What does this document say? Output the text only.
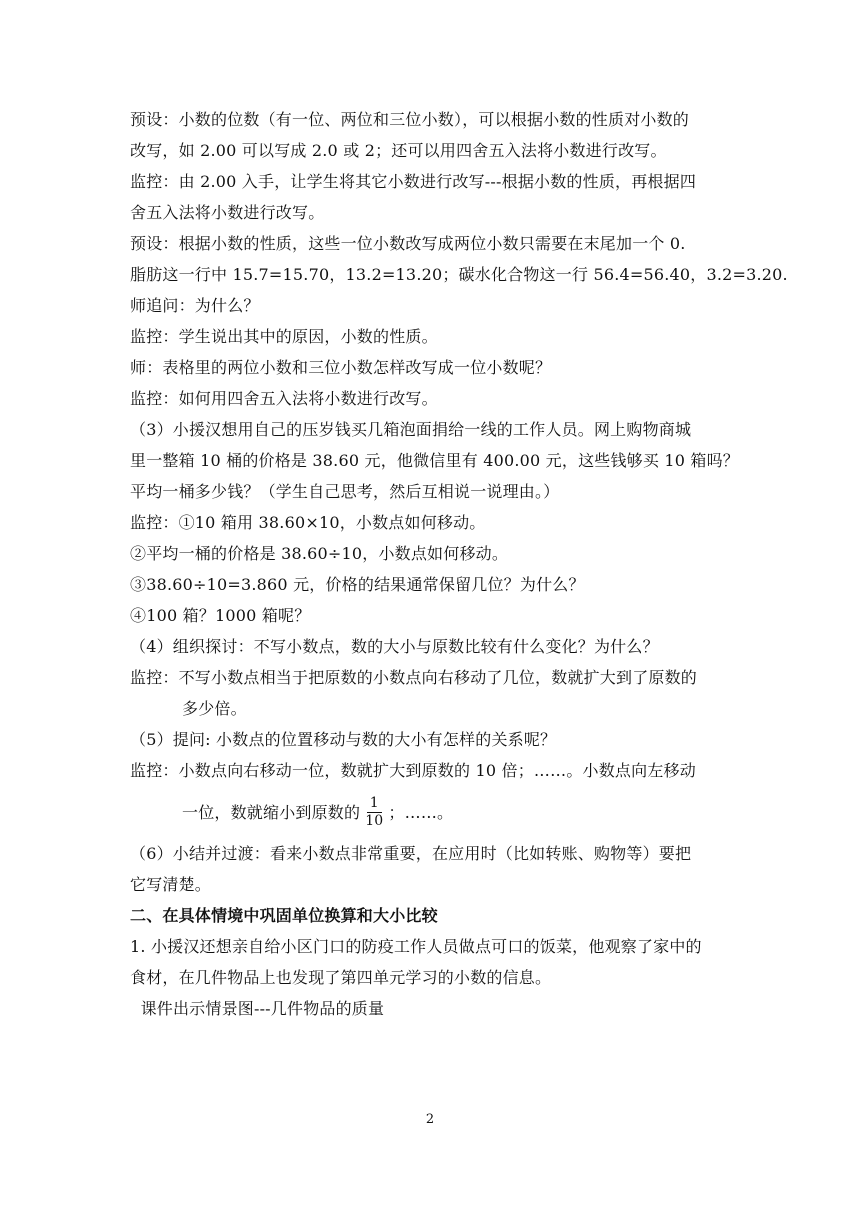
预设：小数的位数（有一位、两位和三位小数），可以根据小数的性质对小数的
改写，如 2.00 可以写成 2.0 或 2；还可以用四舍五入法将小数进行改写。
监控：由 2.00 入手，让学生将其它小数进行改写---根据小数的性质，再根据四
舍五入法将小数进行改写。
预设：根据小数的性质，这些一位小数改写成两位小数只需要在末尾加一个 0.
脂肪这一行中 15.7=15.70，13.2=13.20；碳水化合物这一行 56.4=56.40，3.2=3.20.
师追问：为什么？
监控：学生说出其中的原因，小数的性质。
师：表格里的两位小数和三位小数怎样改写成一位小数呢？
监控：如何用四舍五入法将小数进行改写。
（3）小援汉想用自己的压岁钱买几箱泡面捐给一线的工作人员。网上购物商城
里一整箱 10 桶的价格是 38.60 元，他微信里有 400.00 元，这些钱够买 10 箱吗？
平均一桶多少钱？（学生自己思考，然后互相说一说理由。）
监控：①10 箱用 38.60×10，小数点如何移动。
②平均一桶的价格是 38.60÷10，小数点如何移动。
③38.60÷10=3.860 元，价格的结果通常保留几位？为什么？
④100 箱？1000 箱呢？
（4）组织探讨：不写小数点，数的大小与原数比较有什么变化？为什么？
监控：不写小数点相当于把原数的小数点向右移动了几位，数就扩大到了原数的
多少倍。
（5）提问: 小数点的位置移动与数的大小有怎样的关系呢？
监控：小数点向右移动一位，数就扩大到原数的 10 倍；……。小数点向左移动
一位，数就缩小到原数的 $\frac{1}{10}$ ；……。
（6）小结并过渡：看来小数点非常重要，在应用时（比如转账、购物等）要把
它写清楚。
二、在具体情境中巩固单位换算和大小比较
1. 小援汉还想亲自给小区门口的防疫工作人员做点可口的饭菜，他观察了家中的
食材，在几件物品上也发现了第四单元学习的小数的信息。
课件出示情景图---几件物品的质量
2
